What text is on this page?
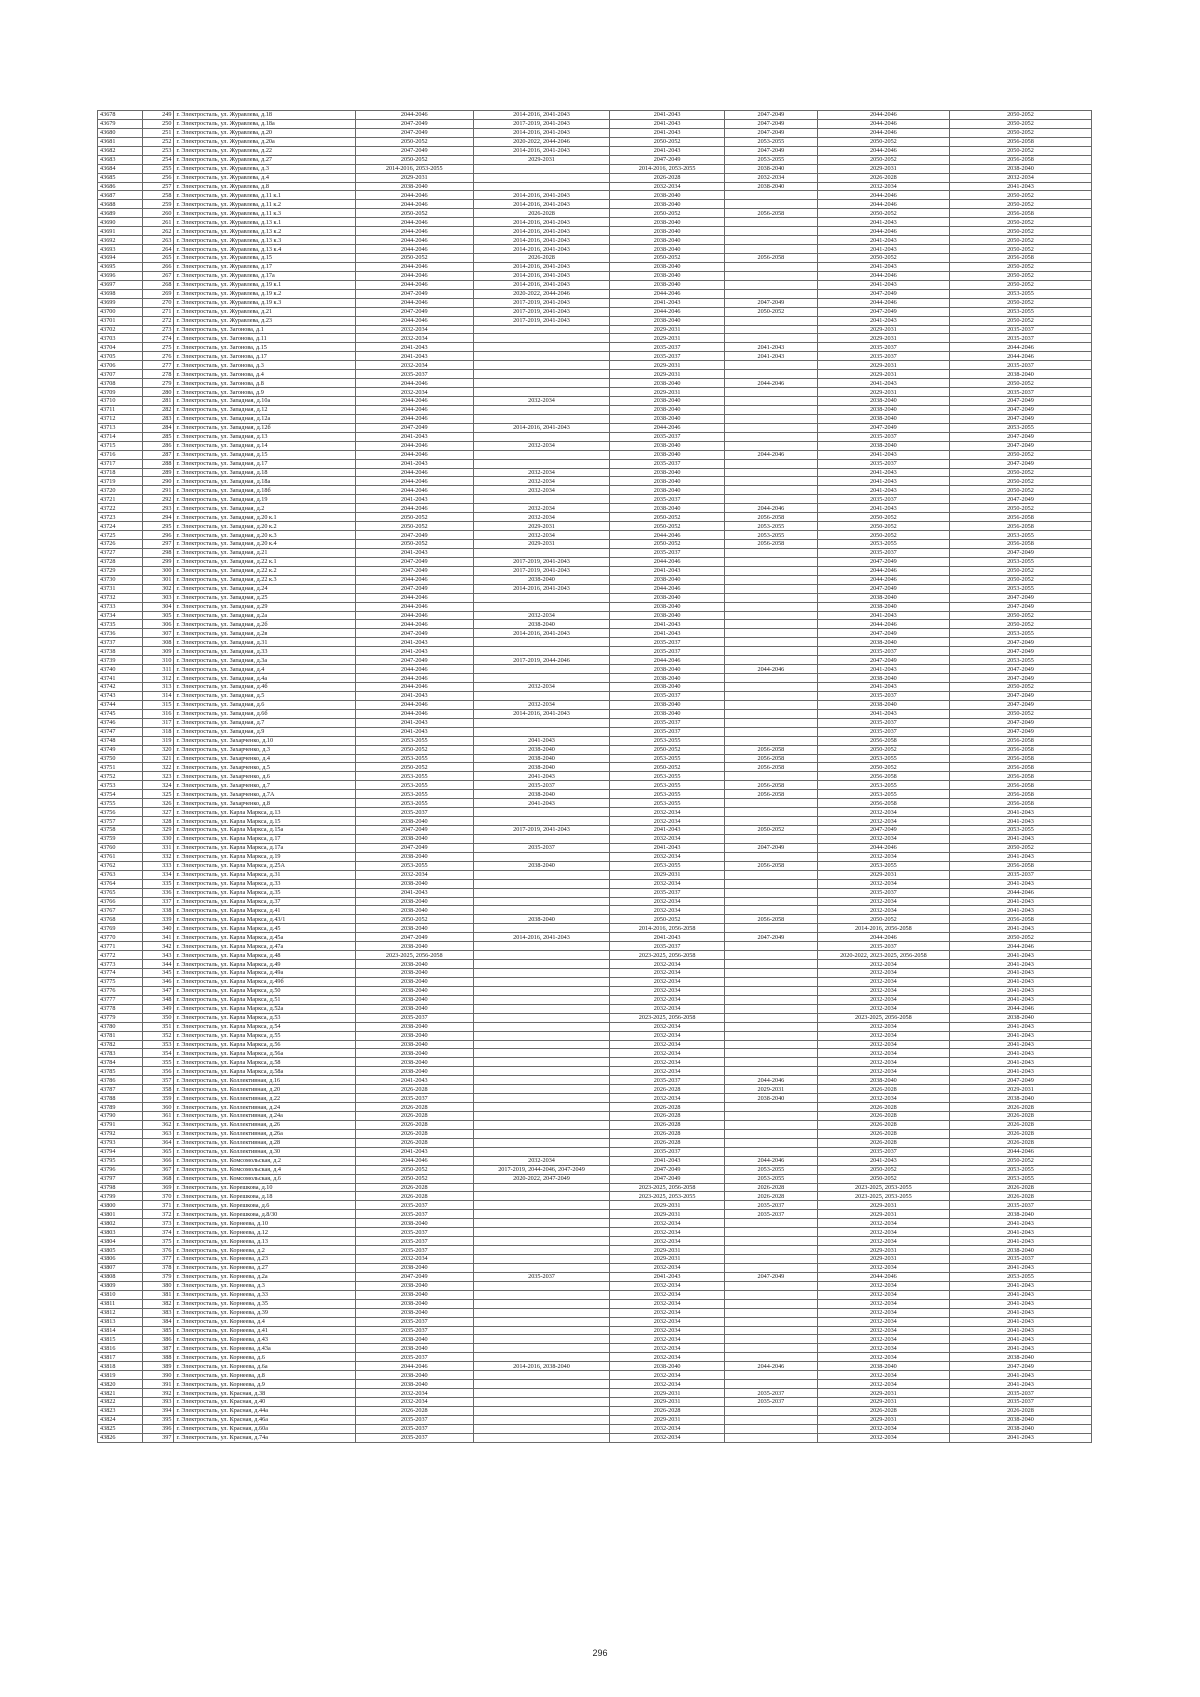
43678	249	г. Электросталь, ул. Журавлева, д.18	2044-2046	2014-2016, 2041-2043	2041-2043	2047-2049	2044-2046	2050-2052
43679	250	г. Электросталь, ул. Журавлева, д.18а	2047-2049	2017-2019, 2041-2043	2041-2043	2047-2049	2044-2046	2050-2052
43680	251	г. Электросталь, ул. Журавлева, д.20	2047-2049	2014-2016, 2041-2043	2041-2043	2047-2049	2044-2046	2050-2052
43681	252	г. Электросталь, ул. Журавлева, д.20а	2050-2052	2020-2022, 2044-2046	2050-2052	2053-2055	2050-2052	2056-2058
43682	253	г. Электросталь, ул. Журавлева, д.22	2047-2049	2014-2016, 2041-2043	2041-2043	2047-2049	2044-2046	2050-2052
43683	254	г. Электросталь, ул. Журавлева, д.27	2050-2052	2029-2031	2047-2049	2053-2055	2050-2052	2056-2058
43684	255	г. Электросталь, ул. Журавлева, д.3	2014-2016, 2053-2055		2014-2016, 2053-2055	2038-2040	2029-2031	2038-2040
43685	256	г. Электросталь, ул. Журавлева, д.4	2029-2031		2026-2028	2032-2034	2026-2028	2032-2034
43686	257	г. Электросталь, ул. Журавлева, д.8	2038-2040		2032-2034	2038-2040	2032-2034	2041-2043
43687	258	г. Электросталь, ул. Журавлева, д.11 к.1	2044-2046	2014-2016, 2041-2043	2038-2040		2044-2046	2050-2052
43688	259	г. Электросталь, ул. Журавлева, д.11 к.2	2044-2046	2014-2016, 2041-2043	2038-2040		2044-2046	2050-2052
43689	260	г. Электросталь, ул. Журавлева, д.11 к.3	2050-2052	2026-2028	2050-2052	2056-2058	2050-2052	2056-2058
43690	261	г. Электросталь, ул. Журавлева, д.13 к.1	2044-2046	2014-2016, 2041-2043	2038-2040		2041-2043	2050-2052
43691	262	г. Электросталь, ул. Журавлева, д.13 к.2	2044-2046	2014-2016, 2041-2043	2038-2040		2044-2046	2050-2052
43692	263	г. Электросталь, ул. Журавлева, д.13 к.3	2044-2046	2014-2016, 2041-2043	2038-2040		2041-2043	2050-2052
43693	264	г. Электросталь, ул. Журавлева, д.13 к.4	2044-2046	2014-2016, 2041-2043	2038-2040		2041-2043	2050-2052
43694	265	г. Электросталь, ул. Журавлева, д.15	2050-2052	2026-2028	2050-2052	2056-2058	2050-2052	2056-2058
43695	266	г. Электросталь, ул. Журавлева, д.17	2044-2046	2014-2016, 2041-2043	2038-2040		2041-2043	2050-2052
43696	267	г. Электросталь, ул. Журавлева, д.17а	2044-2046	2014-2016, 2041-2043	2038-2040		2044-2046	2050-2052
43697	268	г. Электросталь, ул. Журавлева, д.19 к.1	2044-2046	2014-2016, 2041-2043	2038-2040		2041-2043	2050-2052
43698	269	г. Электросталь, ул. Журавлева, д.19 к.2	2047-2049	2020-2022, 2044-2046	2044-2046		2047-2049	2053-2055
43699	270	г. Электросталь, ул. Журавлева, д.19 к.3	2044-2046	2017-2019, 2041-2043	2041-2043	2047-2049	2044-2046	2050-2052
43700	271	г. Электросталь, ул. Журавлева, д.21	2047-2049	2017-2019, 2041-2043	2044-2046	2050-2052	2047-2049	2053-2055
43701	272	г. Электросталь, ул. Журавлева, д.23	2044-2046	2017-2019, 2041-2043	2038-2040		2041-2043	2050-2052
43702	273	г. Электросталь, ул. Загонова, д.1	2032-2034		2029-2031		2029-2031	2035-2037
43703	274	г. Электросталь, ул. Загонова, д.11	2032-2034		2029-2031		2029-2031	2035-2037
43704	275	г. Электросталь, ул. Загонова, д.15	2041-2043		2035-2037	2041-2043	2035-2037	2044-2046
43705	276	г. Электросталь, ул. Загонова, д.17	2041-2043		2035-2037	2041-2043	2035-2037	2044-2046
43706	277	г. Электросталь, ул. Загонова, д.3	2032-2034		2029-2031		2029-2031	2035-2037
43707	278	г. Электросталь, ул. Загонова, д.4	2035-2037		2029-2031		2029-2031	2038-2040
43708	279	г. Электросталь, ул. Загонова, д.8	2044-2046		2038-2040	2044-2046	2041-2043	2050-2052
43709	280	г. Электросталь, ул. Загонова, д.9	2032-2034		2029-2031		2029-2031	2035-2037
43710	281	г. Электросталь, ул. Западная, д.10а	2044-2046	2032-2034	2038-2040		2038-2040	2047-2049
43711	282	г. Электросталь, ул. Западная, д.12	2044-2046		2038-2040		2038-2040	2047-2049
43712	283	г. Электросталь, ул. Западная, д.12а	2044-2046		2038-2040		2038-2040	2047-2049
43713	284	г. Электросталь, ул. Западная, д.12б	2047-2049	2014-2016, 2041-2043	2044-2046		2047-2049	2053-2055
43714	285	г. Электросталь, ул. Западная, д.13	2041-2043		2035-2037		2035-2037	2047-2049
43715	286	г. Электросталь, ул. Западная, д.14	2044-2046	2032-2034	2038-2040		2038-2040	2047-2049
43716	287	г. Электросталь, ул. Западная, д.15	2044-2046		2038-2040	2044-2046	2041-2043	2050-2052
43717	288	г. Электросталь, ул. Западная, д.17	2041-2043		2035-2037		2035-2037	2047-2049
43718	289	г. Электросталь, ул. Западная, д.18	2044-2046	2032-2034	2038-2040		2041-2043	2050-2052
43719	290	г. Электросталь, ул. Западная, д.18а	2044-2046	2032-2034	2038-2040		2041-2043	2050-2052
43720	291	г. Электросталь, ул. Западная, д.18б	2044-2046	2032-2034	2038-2040		2041-2043	2050-2052
43721	292	г. Электросталь, ул. Западная, д.19	2041-2043		2035-2037		2035-2037	2047-2049
43722	293	г. Электросталь, ул. Западная, д.2	2044-2046	2032-2034	2038-2040	2044-2046	2041-2043	2050-2052
43723	294	г. Электросталь, ул. Западная, д.20 к.1	2050-2052	2032-2034	2050-2052	2056-2058	2050-2052	2056-2058
43724	295	г. Электросталь, ул. Западная, д.20 к.2	2050-2052	2029-2031	2050-2052	2053-2055	2050-2052	2056-2058
43725	296	г. Электросталь, ул. Западная, д.20 к.3	2047-2049	2032-2034	2044-2046	2053-2055	2050-2052	2053-2055
43726	297	г. Электросталь, ул. Западная, д.20 к.4	2050-2052	2029-2031	2050-2052	2056-2058	2053-2055	2056-2058
43727	298	г. Электросталь, ул. Западная, д.21	2041-2043		2035-2037		2035-2037	2047-2049
43728	299	г. Электросталь, ул. Западная, д.22 к.1	2047-2049	2017-2019, 2041-2043	2044-2046		2047-2049	2053-2055
43729	300	г. Электросталь, ул. Западная, д.22 к.2	2047-2049	2017-2019, 2041-2043	2041-2043		2044-2046	2050-2052
43730	301	г. Электросталь, ул. Западная, д.22 к.3	2044-2046	2038-2040	2038-2040		2044-2046	2050-2052
43731	302	г. Электросталь, ул. Западная, д.24	2047-2049	2014-2016, 2041-2043	2044-2046		2047-2049	2053-2055
43732	303	г. Электросталь, ул. Западная, д.25	2044-2046		2038-2040		2038-2040	2047-2049
43733	304	г. Электросталь, ул. Западная, д.29	2044-2046		2038-2040		2038-2040	2047-2049
43734	305	г. Электросталь, ул. Западная, д.2а	2044-2046	2032-2034	2038-2040		2041-2043	2050-2052
43735	306	г. Электросталь, ул. Западная, д.2б	2044-2046	2038-2040	2041-2043		2044-2046	2050-2052
43736	307	г. Электросталь, ул. Западная, д.2в	2047-2049	2014-2016, 2041-2043	2041-2043		2047-2049	2053-2055
43737	308	г. Электросталь, ул. Западная, д.31	2041-2043		2035-2037		2038-2040	2047-2049
43738	309	г. Электросталь, ул. Западная, д.33	2041-2043		2035-2037		2035-2037	2047-2049
43739	310	г. Электросталь, ул. Западная, д.3а	2047-2049	2017-2019, 2044-2046	2044-2046		2047-2049	2053-2055
43740	311	г. Электросталь, ул. Западная, д.4	2044-2046		2038-2040	2044-2046	2041-2043	2047-2049
43741	312	г. Электросталь, ул. Западная, д.4а	2044-2046		2038-2040		2038-2040	2047-2049
43742	313	г. Электросталь, ул. Западная, д.4б	2044-2046	2032-2034	2038-2040		2041-2043	2050-2052
43743	314	г. Электросталь, ул. Западная, д.5	2041-2043		2035-2037		2035-2037	2047-2049
43744	315	г. Электросталь, ул. Западная, д.6	2044-2046	2032-2034	2038-2040		2038-2040	2047-2049
43745	316	г. Электросталь, ул. Западная, д.6б	2044-2046	2014-2016, 2041-2043	2038-2040		2041-2043	2050-2052
43746	317	г. Электросталь, ул. Западная, д.7	2041-2043		2035-2037		2035-2037	2047-2049
43747	318	г. Электросталь, ул. Западная, д.9	2041-2043		2035-2037		2035-2037	2047-2049
43748	319	г. Электросталь, ул. Захарченко, д.10	2053-2055	2041-2043	2053-2055		2056-2058	2056-2058
43749	320	г. Электросталь, ул. Захарченко, д.3	2050-2052	2038-2040	2050-2052	2056-2058	2050-2052	2056-2058
43750	321	г. Электросталь, ул. Захарченко, д.4	2053-2055	2038-2040	2053-2055	2056-2058	2053-2055	2056-2058
43751	322	г. Электросталь, ул. Захарченко, д.5	2050-2052	2038-2040	2050-2052	2056-2058	2050-2052	2056-2058
43752	323	г. Электросталь, ул. Захарченко, д.6	2053-2055	2041-2043	2053-2055		2056-2058	2056-2058
43753	324	г. Электросталь, ул. Захарченко, д.7	2053-2055	2035-2037	2053-2055	2056-2058	2053-2055	2056-2058
43754	325	г. Электросталь, ул. Захарченко, д.7А	2053-2055	2038-2040	2053-2055	2056-2058	2053-2055	2056-2058
43755	326	г. Электросталь, ул. Захарченко, д.8	2053-2055	2041-2043	2053-2055		2056-2058	2056-2058
43756	327	г. Электросталь, ул. Карла Маркса, д.13	2035-2037		2032-2034		2032-2034	2041-2043
43757	328	г. Электросталь, ул. Карла Маркса, д.15	2038-2040		2032-2034		2032-2034	2041-2043
43758	329	г. Электросталь, ул. Карла Маркса, д.15а	2047-2049	2017-2019, 2041-2043	2041-2043	2050-2052	2047-2049	2053-2055
43759	330	г. Электросталь, ул. Карла Маркса, д.17	2038-2040		2032-2034		2032-2034	2041-2043
43760	331	г. Электросталь, ул. Карла Маркса, д.17а	2047-2049	2035-2037	2041-2043	2047-2049	2044-2046	2050-2052
43761	332	г. Электросталь, ул. Карла Маркса, д.19	2038-2040		2032-2034		2032-2034	2041-2043
43762	333	г. Электросталь, ул. Карла Маркса, д.25А	2053-2055	2038-2040	2053-2055	2056-2058	2053-2055	2056-2058
43763	334	г. Электросталь, ул. Карла Маркса, д.31	2032-2034		2029-2031		2029-2031	2035-2037
43764	335	г. Электросталь, ул. Карла Маркса, д.33	2038-2040		2032-2034		2032-2034	2041-2043
43765	336	г. Электросталь, ул. Карла Маркса, д.35	2041-2043		2035-2037		2035-2037	2044-2046
43766	337	г. Электросталь, ул. Карла Маркса, д.37	2038-2040		2032-2034		2032-2034	2041-2043
43767	338	г. Электросталь, ул. Карла Маркса, д.41	2038-2040		2032-2034		2032-2034	2041-2043
43768	339	г. Электросталь, ул. Карла Маркса, д.43/1	2050-2052	2038-2040	2050-2052	2056-2058	2050-2052	2056-2058
43769	340	г. Электросталь, ул. Карла Маркса, д.45	2038-2040		2014-2016, 2056-2058		2014-2016, 2056-2058	2041-2043
43770	341	г. Электросталь, ул. Карла Маркса, д.45а	2047-2049	2014-2016, 2041-2043	2041-2043	2047-2049	2044-2046	2050-2052
43771	342	г. Электросталь, ул. Карла Маркса, д.47а	2038-2040		2035-2037		2035-2037	2044-2046
43772	343	г. Электросталь, ул. Карла Маркса, д.48	2023-2025, 2056-2058		2023-2025, 2056-2058		2020-2022, 2023-2025, 2056-2058	2041-2043
43773	344	г. Электросталь, ул. Карла Маркса, д.49	2038-2040		2032-2034		2032-2034	2041-2043
43774	345	г. Электросталь, ул. Карла Маркса, д.49а	2038-2040		2032-2034		2032-2034	2041-2043
43775	346	г. Электросталь, ул. Карла Маркса, д.49б	2038-2040		2032-2034		2032-2034	2041-2043
43776	347	г. Электросталь, ул. Карла Маркса, д.50	2038-2040		2032-2034		2032-2034	2041-2043
43777	348	г. Электросталь, ул. Карла Маркса, д.51	2038-2040		2032-2034		2032-2034	2041-2043
43778	349	г. Электросталь, ул. Карла Маркса, д.52а	2038-2040		2032-2034		2032-2034	2044-2046
43779	350	г. Электросталь, ул. Карла Маркса, д.53	2035-2037		2023-2025, 2056-2058		2023-2025, 2056-2058	2038-2040
43780	351	г. Электросталь, ул. Карла Маркса, д.54	2038-2040		2032-2034		2032-2034	2041-2043
43781	352	г. Электросталь, ул. Карла Маркса, д.55	2038-2040		2032-2034		2032-2034	2041-2043
43782	353	г. Электросталь, ул. Карла Маркса, д.56	2038-2040		2032-2034		2032-2034	2041-2043
43783	354	г. Электросталь, ул. Карла Маркса, д.56а	2038-2040		2032-2034		2032-2034	2041-2043
43784	355	г. Электросталь, ул. Карла Маркса, д.58	2038-2040		2032-2034		2032-2034	2041-2043
43785	356	г. Электросталь, ул. Карла Маркса, д.58а	2038-2040		2032-2034		2032-2034	2041-2043
43786	357	г. Электросталь, ул. Коллективная, д.16	2041-2043		2035-2037	2044-2046	2038-2040	2047-2049
43787	358	г. Электросталь, ул. Коллективная, д.20	2026-2028		2026-2028	2029-2031	2026-2028	2029-2031
43788	359	г. Электросталь, ул. Коллективная, д.22	2035-2037		2032-2034	2038-2040	2032-2034	2038-2040
43789	360	г. Электросталь, ул. Коллективная, д.24	2026-2028		2026-2028		2026-2028	2026-2028
43790	361	г. Электросталь, ул. Коллективная, д.24а	2026-2028		2026-2028		2026-2028	2026-2028
43791	362	г. Электросталь, ул. Коллективная, д.26	2026-2028		2026-2028		2026-2028	2026-2028
43792	363	г. Электросталь, ул. Коллективная, д.26а	2026-2028		2026-2028		2026-2028	2026-2028
43793	364	г. Электросталь, ул. Коллективная, д.28	2026-2028		2026-2028		2026-2028	2026-2028
43794	365	г. Электросталь, ул. Коллективная, д.30	2041-2043		2035-2037		2035-2037	2044-2046
43795	366	г. Электросталь, ул. Комсомольская, д.2	2044-2046	2032-2034	2041-2043	2044-2046	2041-2043	2050-2052
43796	367	г. Электросталь, ул. Комсомольская, д.4	2050-2052	2017-2019, 2044-2046, 2047-2049	2047-2049	2053-2055	2050-2052	2053-2055
43797	368	г. Электросталь, ул. Комсомольская, д.6	2050-2052	2020-2022, 2047-2049	2047-2049	2053-2055	2050-2052	2053-2055
43798	369	г. Электросталь, ул. Корешкова, д.10	2026-2028		2023-2025, 2056-2058	2026-2028	2023-2025, 2053-2055	2026-2028
43799	370	г. Электросталь, ул. Корешкова, д.18	2026-2028		2023-2025, 2053-2055	2026-2028	2023-2025, 2053-2055	2026-2028
43800	371	г. Электросталь, ул. Корешкова, д.6	2035-2037		2029-2031	2035-2037	2029-2031	2035-2037
43801	372	г. Электросталь, ул. Корешкова, д.8/30	2035-2037		2029-2031	2035-2037	2029-2031	2038-2040
43802	373	г. Электросталь, ул. Корнеева, д.10	2038-2040		2032-2034		2032-2034	2041-2043
43803	374	г. Электросталь, ул. Корнеева, д.12	2035-2037		2032-2034		2032-2034	2041-2043
43804	375	г. Электросталь, ул. Корнеева, д.13	2035-2037		2032-2034		2032-2034	2041-2043
43805	376	г. Электросталь, ул. Корнеева, д.2	2035-2037		2029-2031		2029-2031	2038-2040
43806	377	г. Электросталь, ул. Корнеева, д.23	2032-2034		2029-2031		2029-2031	2035-2037
43807	378	г. Электросталь, ул. Корнеева, д.27	2038-2040		2032-2034		2032-2034	2041-2043
43808	379	г. Электросталь, ул. Корнеева, д.2а	2047-2049	2035-2037	2041-2043	2047-2049	2044-2046	2053-2055
43809	380	г. Электросталь, ул. Корнеева, д.3	2038-2040		2032-2034		2032-2034	2041-2043
43810	381	г. Электросталь, ул. Корнеева, д.33	2038-2040		2032-2034		2032-2034	2041-2043
43811	382	г. Электросталь, ул. Корнеева, д.35	2038-2040		2032-2034		2032-2034	2041-2043
43812	383	г. Электросталь, ул. Корнеева, д.39	2038-2040		2032-2034		2032-2034	2041-2043
43813	384	г. Электросталь, ул. Корнеева, д.4	2035-2037		2032-2034		2032-2034	2041-2043
43814	385	г. Электросталь, ул. Корнеева, д.41	2035-2037		2032-2034		2032-2034	2041-2043
43815	386	г. Электросталь, ул. Корнеева, д.43	2038-2040		2032-2034		2032-2034	2041-2043
43816	387	г. Электросталь, ул. Корнеева, д.43а	2038-2040		2032-2034		2032-2034	2041-2043
43817	388	г. Электросталь, ул. Корнеева, д.6	2035-2037		2032-2034		2032-2034	2038-2040
43818	389	г. Электросталь, ул. Корнеева, д.6а	2044-2046	2014-2016, 2038-2040	2038-2040	2044-2046	2038-2040	2047-2049
43819	390	г. Электросталь, ул. Корнеева, д.8	2038-2040		2032-2034		2032-2034	2041-2043
43820	391	г. Электросталь, ул. Корнеева, д.9	2038-2040		2032-2034		2032-2034	2041-2043
43821	392	г. Электросталь, ул. Красная, д.38	2032-2034		2029-2031	2035-2037	2029-2031	2035-2037
43822	393	г. Электросталь, ул. Красная, д.40	2032-2034		2029-2031	2035-2037	2029-2031	2035-2037
43823	394	г. Электросталь, ул. Красная, д.44а	2026-2028		2026-2028		2026-2028	2026-2028
43824	395	г. Электросталь, ул. Красная, д.46а	2035-2037		2029-2031		2029-2031	2038-2040
43825	396	г. Электросталь, ул. Красная, д.60а	2035-2037		2032-2034		2032-2034	2038-2040
43826	397	г. Электросталь, ул. Красная, д.74а	2035-2037		2032-2034		2032-2034	2041-2043
296
